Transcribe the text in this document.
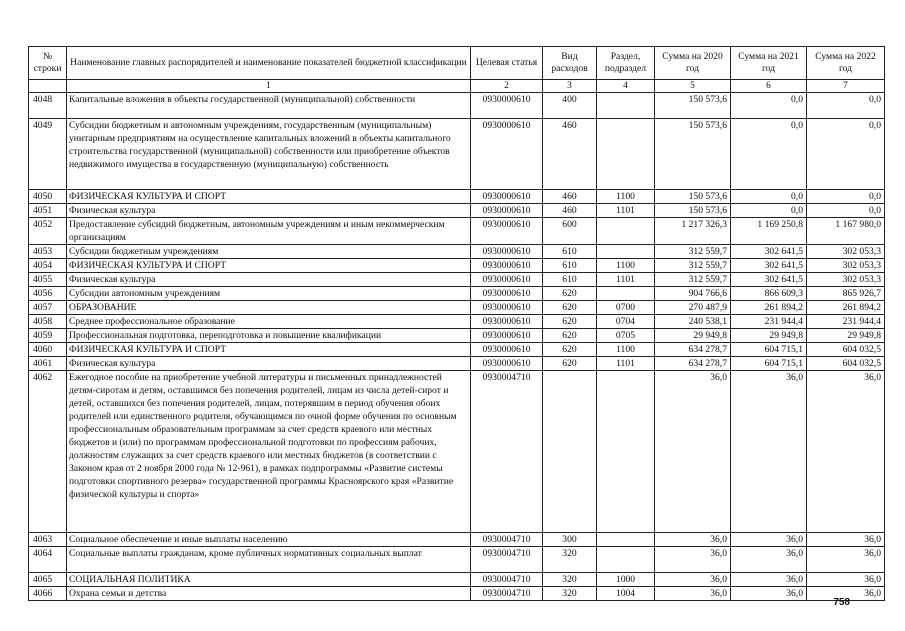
№ строки	Наименование главных распорядителей и наименование показателей бюджетной классификации	Целевая статья	Вид расходов	Раздел, подраздел	Сумма на 2020 год	Сумма на 2021 год	Сумма на 2022 год
	1	2	3	4	5	6	7
4048	Капитальные вложения в объекты государственной (муниципальной) собственности	0930000610	400		150 573,6	0,0	0,0
4049	Субсидии бюджетным и автономным учреждениям, государственным (муниципальным) унитарным предприятиям на осуществление капитальных вложений в объекты капитального строительства государственной (муниципальной) собственности или приобретение объектов недвижимого имущества в государственную (муниципальную) собственность	0930000610	460		150 573,6	0,0	0,0
4050	ФИЗИЧЕСКАЯ КУЛЬТУРА И СПОРТ	0930000610	460	1100	150 573,6	0,0	0,0
4051	Физическая культура	0930000610	460	1101	150 573,6	0,0	0,0
4052	Предоставление субсидий бюджетным, автономным учреждениям и иным некоммерческим организациям	0930000610	600		1 217 326,3	1 169 250,8	1 167 980,0
4053	Субсидии бюджетным учреждениям	0930000610	610		312 559,7	302 641,5	302 053,3
4054	ФИЗИЧЕСКАЯ КУЛЬТУРА И СПОРТ	0930000610	610	1100	312 559,7	302 641,5	302 053,3
4055	Физическая культура	0930000610	610	1101	312 559,7	302 641,5	302 053,3
4056	Субсидии автономным учреждениям	0930000610	620		904 766,6	866 609,3	865 926,7
4057	ОБРАЗОВАНИЕ	0930000610	620	0700	270 487,9	261 894,2	261 894,2
4058	Среднее профессиональное образование	0930000610	620	0704	240 538,1	231 944,4	231 944,4
4059	Профессиональная подготовка, переподготовка и повышение квалификации	0930000610	620	0705	29 949,8	29 949,8	29 949,8
4060	ФИЗИЧЕСКАЯ КУЛЬТУРА И СПОРТ	0930000610	620	1100	634 278,7	604 715,1	604 032,5
4061	Физическая культура	0930000610	620	1101	634 278,7	604 715,1	604 032,5
4062	Ежегодное пособие на приобретение учебной литературы и письменных принадлежностей детям-сиротам и детям, оставшимся без попечения родителей, лицам из числа детей-сирот и детей, оставшихся без попечения родителей, лицам, потерявшим в период обучения обоих родителей или единственного родителя, обучающимся по очной форме обучения по основным профессиональным образовательным программам за счет средств краевого или местных бюджетов и (или) по программам профессиональной подготовки по профессиям рабочих, должностям служащих за счет средств краевого или местных бюджетов (в соответствии с Законом края от 2 ноября 2000 года № 12-961), в рамках подпрограммы «Развитие системы подготовки спортивного резерва» государственной программы Красноярского края «Развитие физической культуры и спорта»	0930004710			36,0	36,0	36,0
4063	Социальное обеспечение и иные выплаты населению	0930004710	300		36,0	36,0	36,0
4064	Социальные выплаты гражданам, кроме публичных нормативных социальных выплат	0930004710	320		36,0	36,0	36,0
4065	СОЦИАЛЬНАЯ ПОЛИТИКА	0930004710	320	1000	36,0	36,0	36,0
4066	Охрана семьи и детства	0930004710	320	1004	36,0	36,0	36,0
758
